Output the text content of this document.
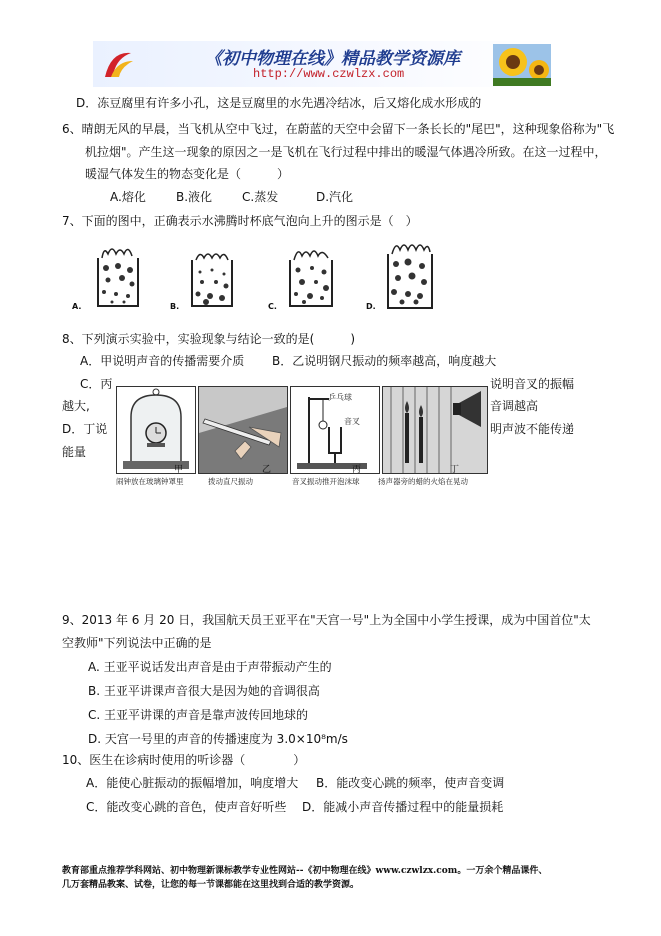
《初中物理在线》精品教学资源库
http://www.czwlzx.com
D．冻豆腐里有许多小孔，这是豆腐里的水先遇冷结冰，后又熔化成水形成的
6、晴朗无风的早晨，当飞机从空中飞过，在蔚蓝的天空中会留下一条长长的"尾巴"，这种现象俗称为"飞
机拉烟"。产生这一现象的原因之一是飞机在飞行过程中排出的暖湿气体遇冷所致。在这一过程中，
暖湿气体发生的物态变化是（　　　）
A.熔化	B.液化 C.蒸发	D.汽化
7、下面的图中，正确表示水沸腾时杯底气泡向上升的图示是（　）
A.	B.	C.	D.
8、下列演示实验中，实验现象与结论一致的是(　　　)
A．甲说明声音的传播需要介质 B．乙说明钢尺振动的频率越高，响度越大
C．丙	说明音叉的振幅
越大,	音调越高
D．丁说	明声波不能传递
能量
甲	乙
乒乓球
音叉
丙	丁
闹钟放在玻璃钟罩里	拨动直尺振动	音叉振动推开泡沫球 扬声器旁的蜡的火焰在晃动
9、2013 年 6 月 20 日，我国航天员王亚平在"天宫一号"上为全国中小学生授课，成为中国首位"太
空教师"下列说法中正确的是
A. 王亚平说话发出声音是由于声带振动产生的
B. 王亚平讲课声音很大是因为她的音调很高
C. 王亚平讲课的声音是靠声波传回地球的
D. 天宫一号里的声音的传播速度为 3.0×10⁸m/s
10、医生在诊病时使用的听诊器（　　　　）
A．能使心脏振动的振幅增加，响度增大 B．能改变心跳的频率，使声音变调
C．能改变心跳的音色，使声音好听些 D．能减小声音传播过程中的能量损耗
教育部重点推荐学科网站、初中物理新课标教学专业性网站--《初中物理在线》www.czwlzx.com。一万余个精品课件、
几万套精品教案、试卷，让您的每一节课都能在这里找到合适的教学资源。
